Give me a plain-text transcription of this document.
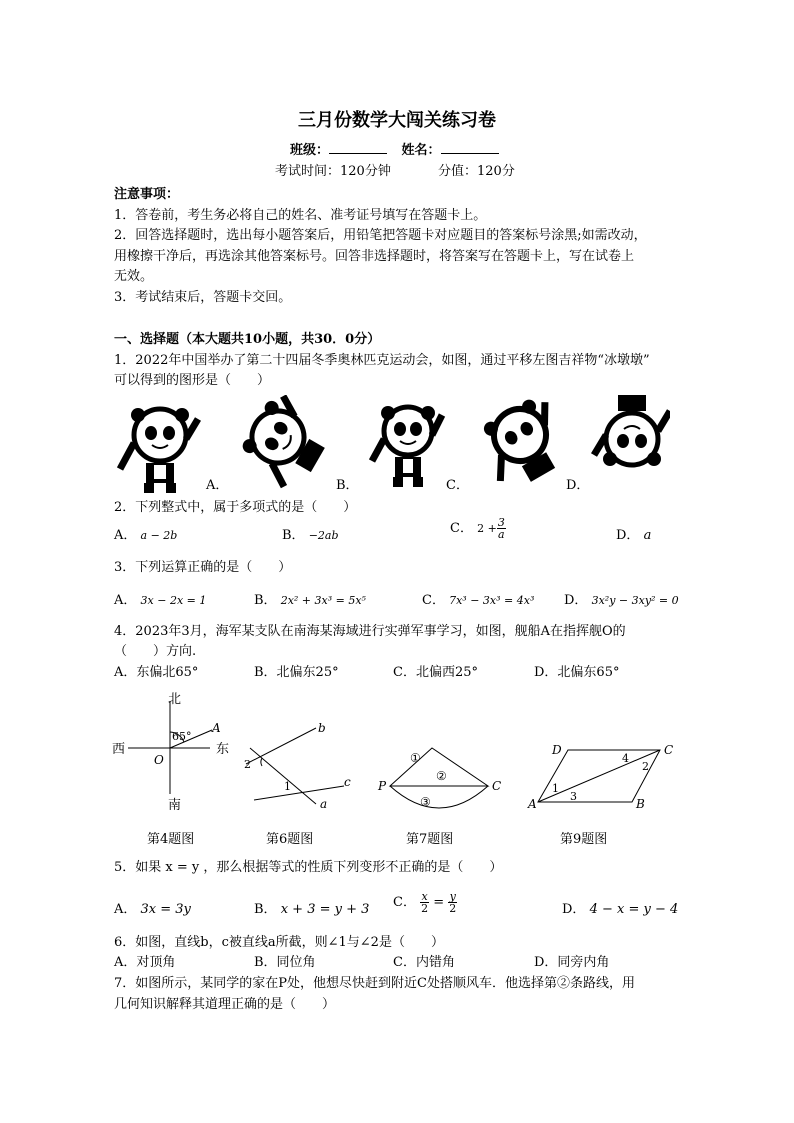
三月份数学大闯关练习卷
班级：	姓名：
考试时间：120分钟	分值：120分
注意事项：
1．答卷前，考生务必将自己的姓名、准考证号填写在答题卡上。
2．回答选择题时，选出每小题答案后，用铅笔把答题卡对应题目的答案标号涂黑;如需改动，
用橡擦干净后，再选涂其他答案标号。回答非选择题时，将答案写在答题卡上，写在试卷上
无效。
3．考试结束后，答题卡交回。
一、选择题（本大题共10小题，共30．0分）
1．2022年中国举办了第二十四届冬季奥林匹克运动会，如图，通过平移左图吉祥物“冰墩墩”
可以得到的图形是（　　）
A．	B．	C．	D．
2．下列整式中，属于多项式的是（　　）
A． a − 2b	B． −2ab	C． $2 + \frac{3}{a}$	D． a
3．下列运算正确的是（　　）
A． 3x − 2x = 1	B． 2x² + 3x³ = 5x⁵	C． 7x³ − 3x³ = 4x³ D． 3x²y − 3xy² = 0
4．2023年3月，海军某支队在南海某海域进行实弹军事学习，如图，舰船A在指挥舰O的
（　　）方向.
A．东偏北65°	B．北偏东25°	C．北偏西25°	D．北偏东65°
北
南
西	东
65°
O
A
第4题图
b
c
a
1
2
第6题图
P	C
①
②
③
第7题图
A	B
C
D
1
2
3
4
第9题图
5．如果 x = y ，那么根据等式的性质下列变形不正确的是（　　）
A． 3x = 3y	B． x + 3 = y + 3 C． $\frac{x}{2} = \frac{y}{2}$	D． 4 − x = y − 4
6．如图，直线b，c被直线a所截，则∠1与∠2是（　　）
A．对顶角	B．同位角	C．内错角	D．同旁内角
7．如图所示，某同学的家在P处，他想尽快赶到附近C处搭顺风车．他选择第②条路线，用
几何知识解释其道理正确的是（　　）
